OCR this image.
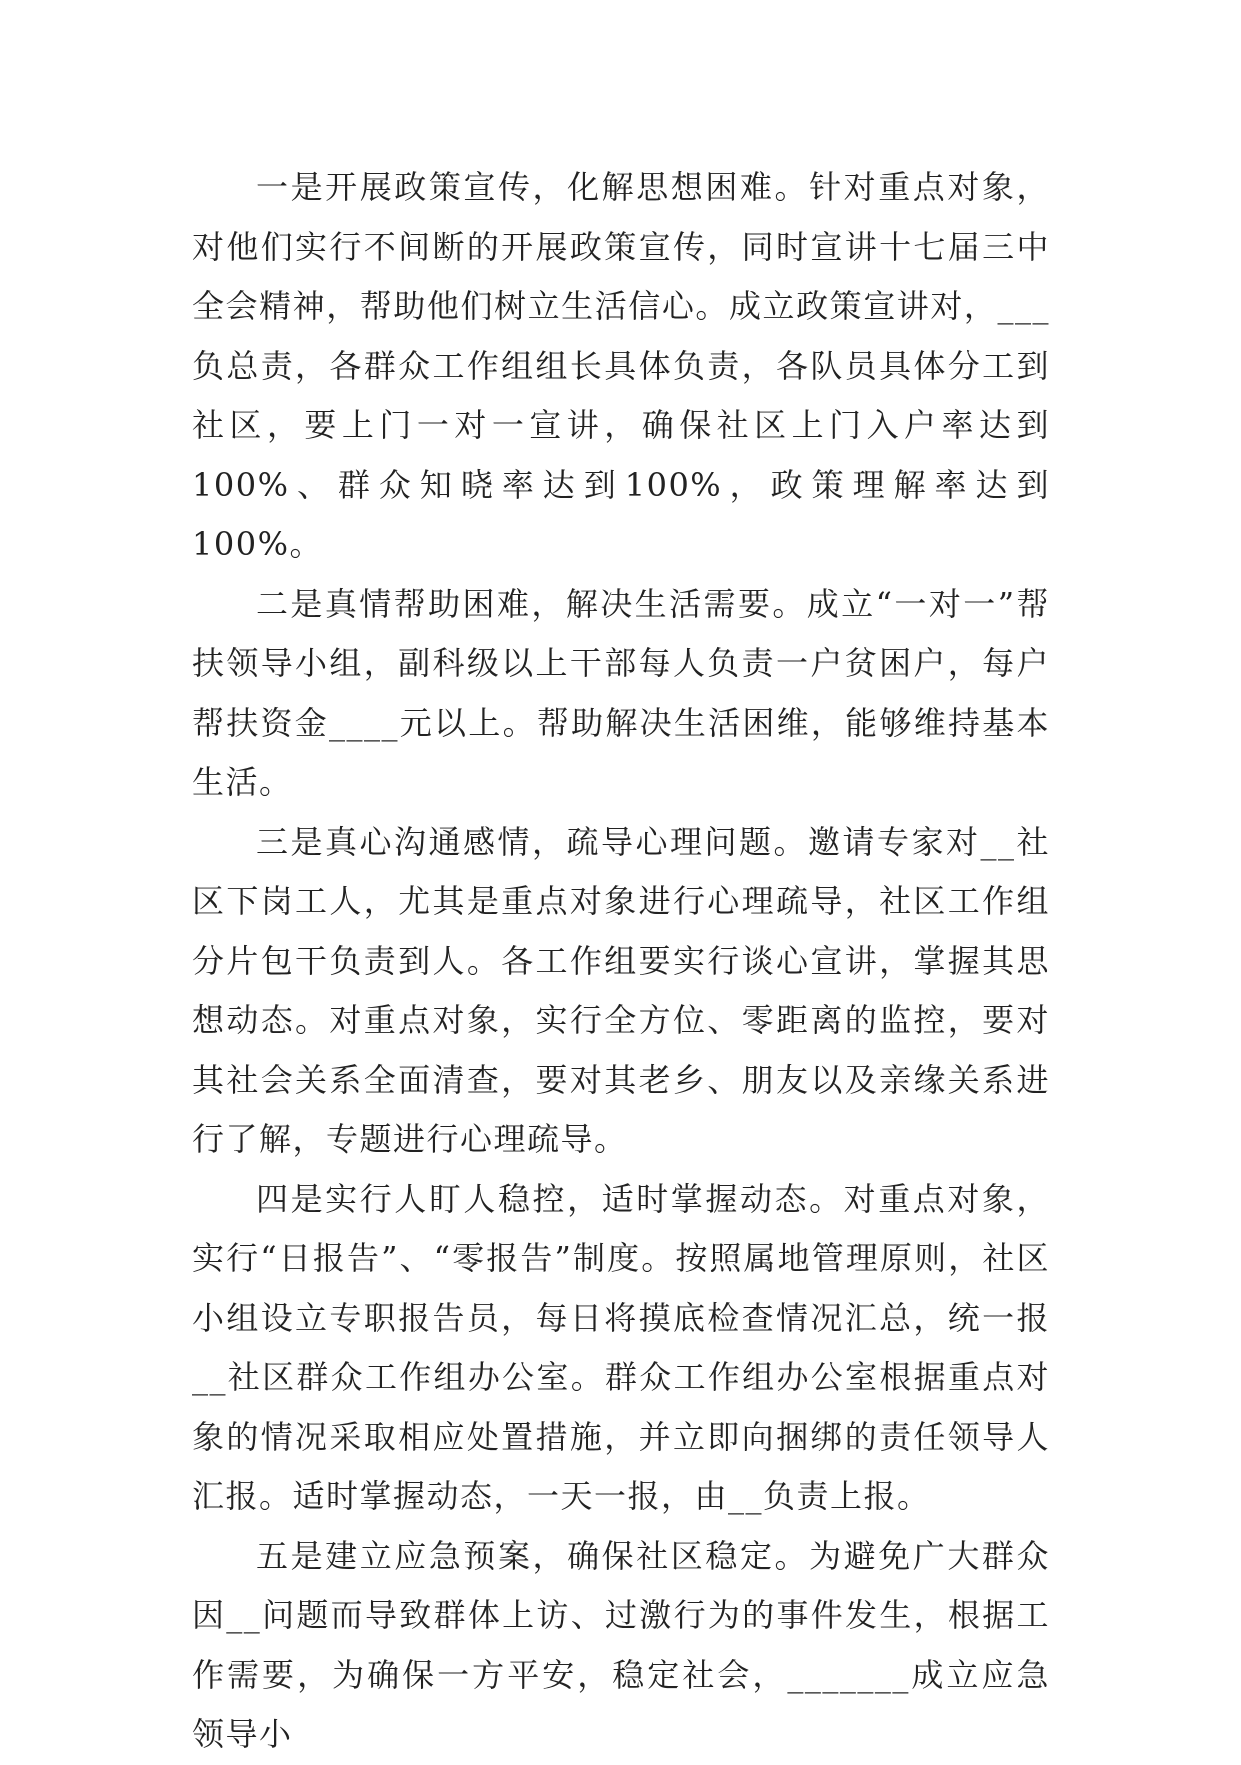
一是开展政策宣传，化解思想困难。针对重点对象，对他们实行不间断的开展政策宣传，同时宣讲十七届三中全会精神，帮助他们树立生活信心。成立政策宣讲对，___负总责，各群众工作组组长具体负责，各队员具体分工到社区，要上门一对一宣讲，确保社区上门入户率达到100%、群众知晓率达到100%，政策理解率达到100%。

二是真情帮助困难，解决生活需要。成立“一对一”帮扶领导小组，副科级以上干部每人负责一户贫困户，每户帮扶资金____元以上。帮助解决生活困维，能够维持基本生活。

三是真心沟通感情，疏导心理问题。邀请专家对__社区下岗工人，尤其是重点对象进行心理疏导，社区工作组分片包干负责到人。各工作组要实行谈心宣讲，掌握其思想动态。对重点对象，实行全方位、零距离的监控，要对其社会关系全面清查，要对其老乡、朋友以及亲缘关系进行了解，专题进行心理疏导。

四是实行人盯人稳控，适时掌握动态。对重点对象，实行“日报告”、“零报告”制度。按照属地管理原则，社区小组设立专职报告员，每日将摸底检查情况汇总，统一报__社区群众工作组办公室。群众工作组办公室根据重点对象的情况采取相应处置措施，并立即向捆绑的责任领导人汇报。适时掌握动态，一天一报，由__负责上报。

五是建立应急预案，确保社区稳定。为避免广大群众因__问题而导致群体上访、过激行为的事件发生，根据工作需要，为确保一方平安，稳定社会，_______成立应急领导小
